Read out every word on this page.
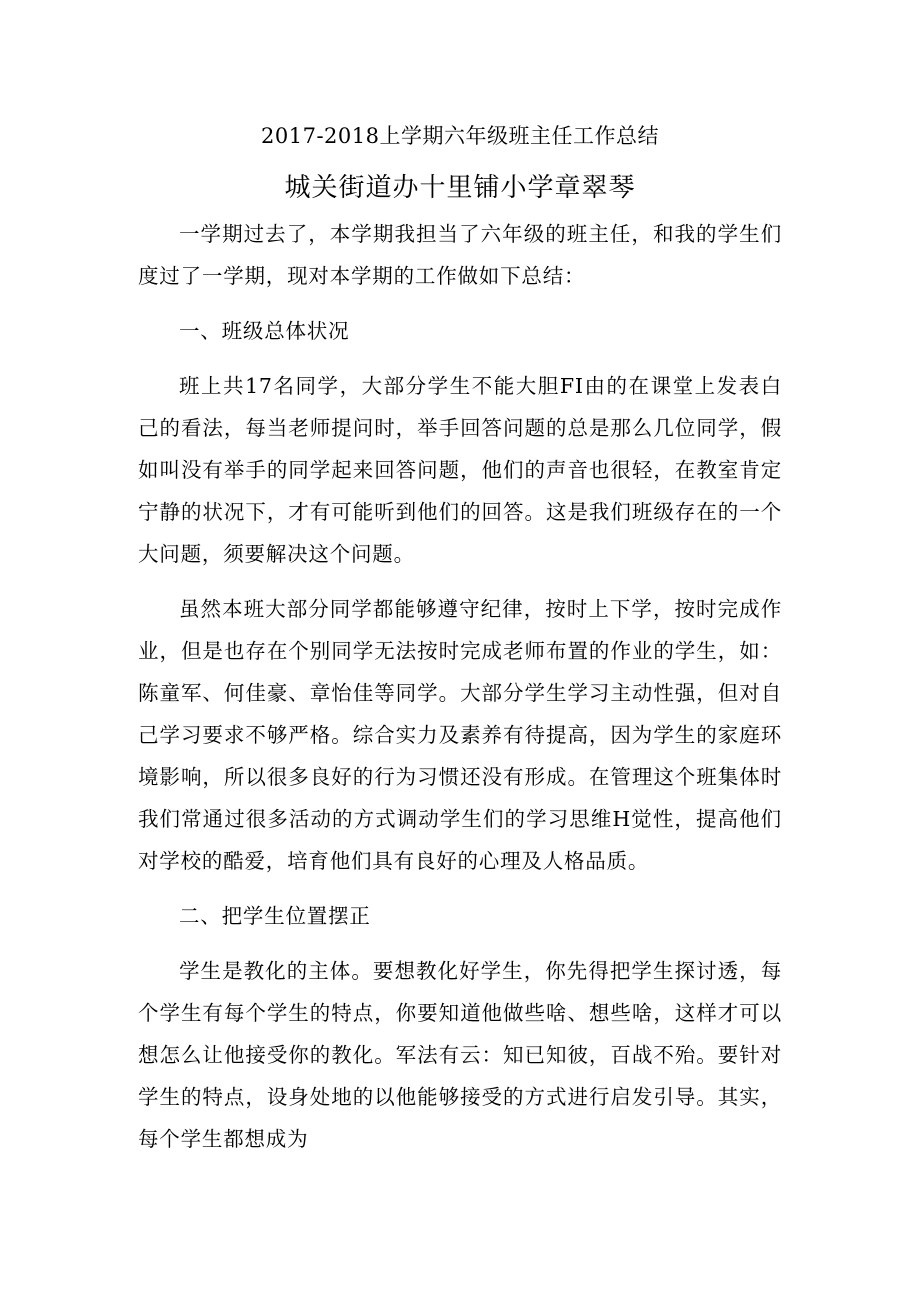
2017-2018上学期六年级班主任工作总结
城关街道办十里铺小学章翠琴

一学期过去了，本学期我担当了六年级的班主任，和我的学生们度过了一学期，现对本学期的工作做如下总结：

一、班级总体状况

班上共17名同学，大部分学生不能大胆FI由的在课堂上发表白己的看法，每当老师提问时，举手回答问题的总是那么几位同学，假如叫没有举手的同学起来回答问题，他们的声音也很轻，在教室肯定宁静的状况下，才有可能听到他们的回答。这是我们班级存在的一个大问题，须要解决这个问题。

虽然本班大部分同学都能够遵守纪律，按时上下学，按时完成作业，但是也存在个别同学无法按时完成老师布置的作业的学生，如：陈童军、何佳豪、章怡佳等同学。大部分学生学习主动性强，但对自己学习要求不够严格。综合实力及素养有待提高，因为学生的家庭环境影响，所以很多良好的行为习惯还没有形成。在管理这个班集体时我们常通过很多活动的方式调动学生们的学习思维H觉性，提高他们对学校的酷爱，培育他们具有良好的心理及人格品质。

二、把学生位置摆正

学生是教化的主体。要想教化好学生，你先得把学生探讨透，每个学生有每个学生的特点，你要知道他做些啥、想些啥，这样才可以想怎么让他接受你的教化。军法有云：知已知彼，百战不殆。要针对学生的特点，设身处地的以他能够接受的方式进行启发引导。其实，每个学生都想成为
